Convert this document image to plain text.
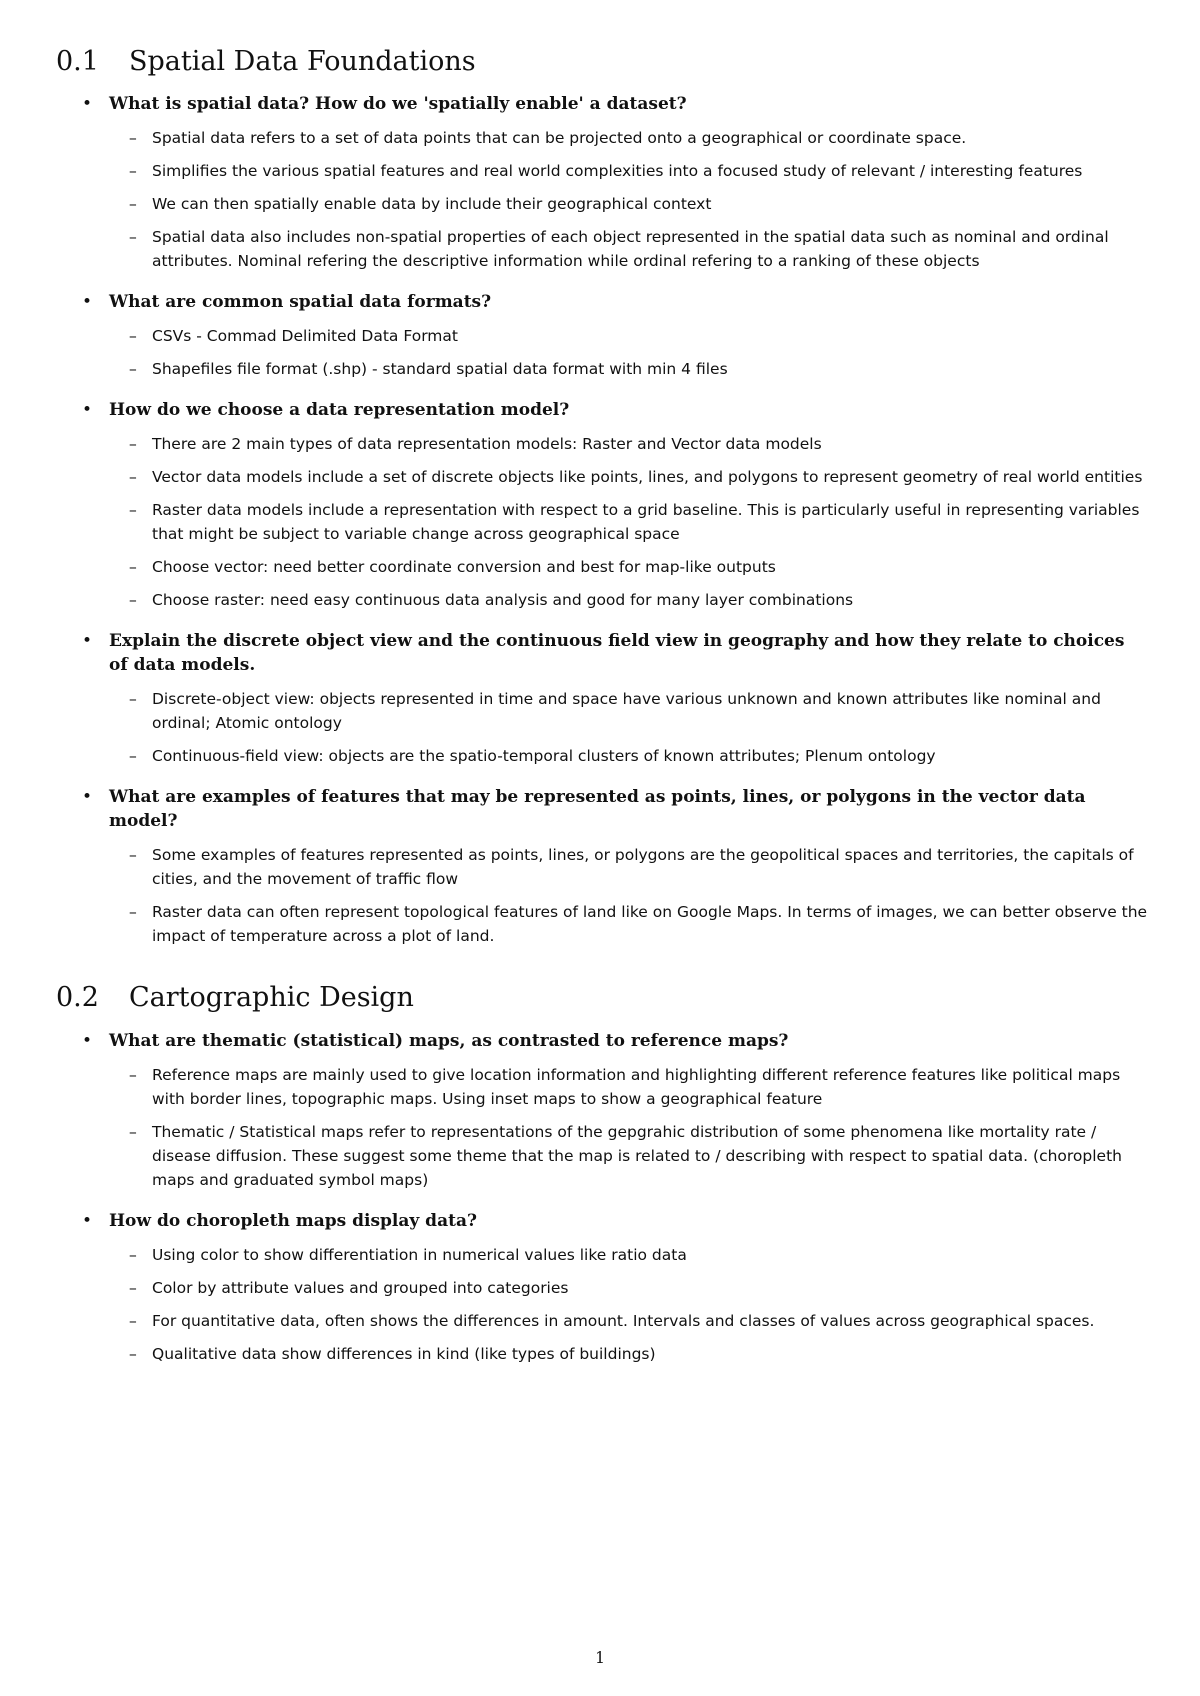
0.1	Spatial Data Foundations
• What is spatial data? How do we 'spatially enable' a dataset?

– Spatial data refers to a set of data points that can be projected onto a geographical or coordinate space.
– Simplifies the various spatial features and real world complexities into a focused study of relevant / interesting features
– We can then spatially enable data by include their geographical context
– Spatial data also includes non-spatial properties of each object represented in the spatial data such as nominal and ordinal attributes. Nominal refering the descriptive information while ordinal refering to a ranking of these objects
• What are common spatial data formats?

– CSVs - Commad Delimited Data Format
– Shapefiles file format (.shp) - standard spatial data format with min 4 files
• How do we choose a data representation model?

– There are 2 main types of data representation models: Raster and Vector data models
– Vector data models include a set of discrete objects like points, lines, and polygons to represent geometry of real world entities
– Raster data models include a representation with respect to a grid baseline. This is particularly useful in representing variables that might be subject to variable change across geographical space
– Choose vector: need better coordinate conversion and best for map-like outputs
– Choose raster: need easy continuous data analysis and good for many layer combinations
• Explain the discrete object view and the continuous field view in geography and how they relate to choices of data models.

– Discrete-object view: objects represented in time and space have various unknown and known attributes like nominal and ordinal; Atomic ontology
– Continuous-field view: objects are the spatio-temporal clusters of known attributes; Plenum ontology
• What are examples of features that may be represented as points, lines, or polygons in the vector data model?

– Some examples of features represented as points, lines, or polygons are the geopolitical spaces and territories, the capitals of cities, and the movement of traffic flow
– Raster data can often represent topological features of land like on Google Maps. In terms of images, we can better observe the impact of temperature across a plot of land.
0.2	Cartographic Design
• What are thematic (statistical) maps, as contrasted to reference maps?

– Reference maps are mainly used to give location information and highlighting different reference features like political maps with border lines, topographic maps. Using inset maps to show a geographical feature
– Thematic / Statistical maps refer to representations of the gepgrahic distribution of some phenomena like mortality rate / disease diffusion. These suggest some theme that the map is related to / describing with respect to spatial data. (choropleth maps and graduated symbol maps)
• How do choropleth maps display data?

– Using color to show differentiation in numerical values like ratio data
– Color by attribute values and grouped into categories
– For quantitative data, often shows the differences in amount. Intervals and classes of values across geographical spaces.
– Qualitative data show differences in kind (like types of buildings)
1
